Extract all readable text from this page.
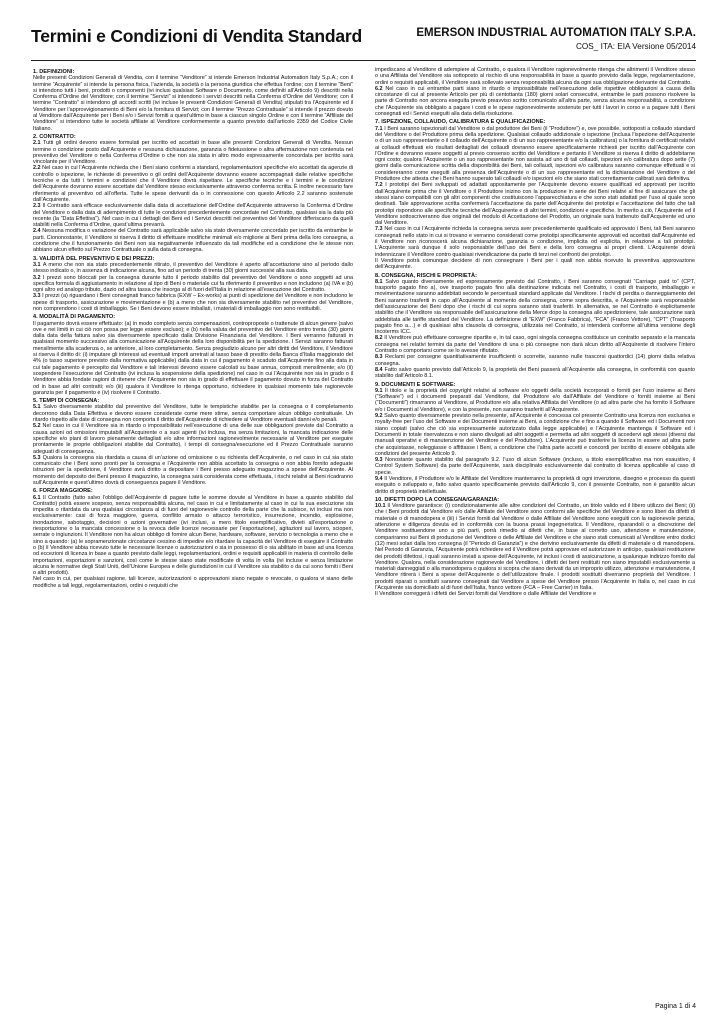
Termini e Condizioni di Vendita Standard	EMERSON INDUSTRIAL AUTOMATION ITALY S.P.A.
COS_ ITA: EIA Versione 05/2014
1. DEFINIZIONI:

Nelle presenti Condizioni Generali di Vendita, con il termine “Venditore” si intende Emerson Industrial Automation Italy S.p.A.; con il termine “Acquirente” si intende la persona fisica, l’azienda, la società o la persona giuridica che effettua l’ordine; con il termine “Beni” si intendono tutti i beni, prodotti o componenti (ivi inclusi qualsiasi Software o Documento, come definiti all’Articolo 9) descritti nella Conferma d’Ordine del Venditore; con il termine “Servizi” si intendono i servizi descritti nella Conferma d’Ordine del Venditore; con il termine “Contratto” si intendono gli accordi scritti (ivi incluse le presenti Condizioni Generali di Vendita) stipulati tra l’Acquirente ed il Venditore per l’approvvigionamento di Beni e/o la fornitura di Servizi; con il termine “Prezzo Contrattuale” si intende il prezzo dovuto al Venditore dall’Acquirente per i Beni e/o i Servizi forniti a quest’ultimo in base a ciascun singolo Ordine e con il termine “Affiliate del Venditore” si intendono tutte le società affiliate al Venditore conformemente a quanto previsto dall’articolo 2359 del Codice Civile Italiano.

2. CONTRATTO:

2.1 Tutti gli ordini devono essere formulati per iscritto ed accettati in base alle presenti Condizioni Generali di Vendita. Nessun termine o condizione posto dall’Acquirente e nessuna dichiarazione, garanzia o fideiussione o altra affermazione non contenuta nel preventivo del Venditore o nella Conferma d’Ordine o che non sia stata in altro modo espressamente concordata per iscritto sarà vincolante per il Venditore.

2.2 Nel caso in cui l’Acquirente richieda che i Beni siano conformi a standard, regolamentazioni specifiche e/o accettati da agenzie di controllo o ispezione, le richieste di preventivo o gli ordini dell’Acquirente dovranno essere accompagnati dalle relative specifiche tecniche e da tutti i termini e condizioni che il Venditore dovrà rispettare. Le specifiche tecniche e i termini e le condizioni dell’Acquirente dovranno essere accettate dal Venditore stesso esclusivamente attraverso conferma scritta. È inoltre necessario fare riferimento al preventivo od all’offerta. Tutte le spese derivanti da o in connessione con questo Articolo 2.2 saranno sostenute dall’Acquirente.

2.3 Il Contratto sarà efficace esclusivamente dalla data di accettazione dell’Ordine dell’Acquirente attraverso la Conferma d’Ordine del Venditore o dalla data di adempimento di tutte le condizioni precedentemente concordate nel Contratto, qualsiasi sia la data più recente (la “Data Effettiva”). Nel caso in cui i dettagli dei Beni ed i Servizi descritti nel preventivo del Venditore differiscano da quelli stabiliti nella Conferma d’Ordine, quest’ultima prevarrà.

2.4 Nessuna modifica o variazione del Contratto sarà applicabile salvo sia stato diversamente concordato per iscritto da entrambe le parti. Ciononostante, il Venditore si riserva il diritto di effettuare modifiche minimali e/o migliorie ai Beni prima della loro consegna, a condizione che il funzionamento dei Beni non sia negativamente influenzato da tali modifiche ed a condizione che le stesse non abbiano alcun effetto sul Prezzo Contrattuale o sulla data di consegna.

3. VALIDITÀ DEL PREVENTIVO E DEI PREZZI:

3.1 A meno che non sia stato precedentemente ritirato, il preventivo del Venditore è aperto all’accettazione sino al periodo dallo stesso indicato o, in assenza di indicazione alcuna, fino ad un periodo di trenta (30) giorni successivi alla sua data.

3.2 I prezzi sono bloccati per la consegna durante tutto il periodo stabilito dal preventivo del Venditore o sono soggetti ad una specifica formula di aggiustamento in relazione al tipo di Beni o materiale cui fa riferimento il preventivo e non includono (a) IVA e (b) ogni altro ed analogo tributo, dazio od altra tassa che insorga al di fuori dell’Italia in relazione all’esecuzione del Contratto.

3.3 I prezzi (a) riguardano i Beni consegnati franco fabbrica (EXW – Ex-works) ai punti di spedizione del Venditore e non includono le spese di trasporto, assicurazione e movimentazione e (b) a meno che non sia diversamente stabilito nel preventivo del Venditore, non comprendono i costi di imballaggio. Se i Beni devono essere imballati, i materiali di imballaggio non sono restituibili.

4. MODALITÀ DI PAGAMENTO:

Il pagamento dovrà essere effettuato: (a) in modo completo senza compensazioni, controproposte o trattenute di alcun genere (salvo ove e nei limiti in cui ciò non possa per legge essere escluso); e (b) nella valuta del preventivo del Venditore entro trenta (30) giorni dalla data della fattura salvo sia diversamente specificato dalla Divisione Finanziaria del Venditore. I Beni verranno fatturati in qualsiasi momento successivo alla comunicazione all’Acquirente della loro disponibilità per la spedizione. I Servizi saranno fatturati mensilmente alla scadenza o, se anteriore, al loro completamento. Senza pregiudizio alcuno per altri diritti del Venditore, il Venditore si riserva il diritto di: (i) imputare gli interessi ad eventuali importi arretrati al tasso base di prestito della Banca d’Italia maggiorato del 4% (o tasso superiore previsto dalla normativa applicabile) dalla data in cui il pagamento è scaduto dall’Acquirente fino alla data in cui tale pagamento è percepito dal Venditore e tali interessi devono essere calcolati su base annua, composti mensilmente; e/o (ii) sospendere l’esecuzione del Contratto (ivi inclusa la sospensione della spedizione) nel caso in cui l’Acquirente non sia in grado o il Venditore abbia fondate ragioni di ritenere che l’Acquirente non sia in grado di effettuare il pagamento dovuto in forza del Contratto od in base ad altri contratti; e/o (iii) qualora il Venditore lo ritenga opportuno, richiedere in qualsiasi momento tale ragionevole garanzia per il pagamento e (iv) risolvere il Contratto.

5. TEMPI DI CONSEGNA:

5.1 Salvo diversamente stabilito dal preventivo del Venditore, tutte le tempistiche stabilite per la consegna o il completamento decorrono dalla Data Effettiva e devono essere considerate come mere stime, senza comportare alcun obbligo contrattuale. Un ritardo rispetto alle date di consegna non comporta il diritto dell’Acquirente di richiedere al Venditore eventuali danni e/o penali.

5.2 Nel caso in cui il Venditore sia in ritardo o impossibilitato nell’esecuzione di una delle sue obbligazioni previste dal Contratto a causa azioni od omissioni imputabili all’Acquirente o a suoi agenti (ivi inclusa, ma senza limitazioni, la mancata indicazione delle specifiche e/o piani di lavoro pienamente dettagliati e/o altre informazioni ragionevolmente necessarie al Venditore per eseguire prontamente le proprie obbligazioni stabilite dal Contratto), i tempi di consegna/esecuzione ed il Prezzo Contrattuale saranno adeguati di conseguenza.

5.3 Qualora la consegna sia ritardata a causa di un’azione od omissione o su richiesta dell’Acquirente, o nel caso in cui sia stato comunicato che i Beni sono pronti per la consegna e l’Acquirente non abbia accettato la consegna o non abbia fornito adeguate istruzioni per la spedizione, il Venditore avrà diritto a depositare i Beni presso adeguato magazzino a spese dell’Acquirente. Al momento del deposito dei Beni presso il magazzino, la consegna sarà considerata come effettuata, i rischi relativi ai Beni ricadranno sull’Acquirente e quest’ultimo dovrà di conseguenza pagare il Venditore.

6. FORZA MAGGIORE:

6.1 Il Contratto (fatto salvo l’obbligo dell’Acquirente di pagare tutte le somme dovute al Venditore in base a quanto stabilito dal Contratto) potrà essere sospeso, senza responsabilità alcuna, nel caso in cui e limitatamente al caso in cui la sua esecuzione sia impedita o ritardata da una qualsiasi circostanza al di fuori del ragionevole controllo della parte che la subisce, ivi inclusi ma non esclusivamente: casi di forza maggiore, guerra, conflitto armato o attacco terroristico, insurrezione, incendio, esplosione, inondazione, sabotaggio, decisioni o azioni governative (ivi inclusi, a mero titolo esemplificativo, divieti all’esportazione o riesportazione o la mancata concessione o la revoca delle licenze necessarie per l’esportazione), agitazioni sul lavoro, scioperi, serrate o ingiunzioni. Il Venditore non ha alcun obbligo di fornire alcun Bene, hardware, software, servizio o tecnologia a meno che e sino a quando: (a) le sopramenzionate circostanze cessino di impedire e/o ritardare la capacità del Venditore di eseguire il Contratto o (b) il Venditore abbia ricevuto tutte le necessarie licenze o autorizzazioni o sia in possesso di o sia abilitato in base ad una licenza od eccezioni di licenza in base a quanto previsto dalle leggi, regolamentazioni, ordini e requisiti applicabili in materia di controllo delle importazioni, esportazioni e sanzioni, così come le stesse siano state modificate di volta in volta (ivi incluse e senza limitazione alcuna le normative degli Stati Uniti, dell’Unione Europea e delle giurisdizioni in cui il Venditore sia stabilito o da cui sono forniti i Beni o altri prodotti).

Nel caso in cui, per qualsiasi ragione, tali licenze, autorizzazioni o approvazioni siano negate o revocate, o qualora vi siano delle modifiche a tali leggi, regolamentazioni, ordini o requisiti che

impediscano al Venditore di adempiere al Contratto, o qualora il Venditore ragionevolmente ritenga che altrimenti il Venditore stesso o una Affiliata del Venditore sia sottoposto al rischio di una responsabilità in base a quanto previsto dalla legge, regolamentazione, ordini o requisiti applicabili, il Venditore sarà sollevato senza responsabilità alcuna da ogni sua obbligazione derivante dal Contratto.

6.2 Nel caso in cui entrambe parti siano in ritardo o impossibilitate nell’esecuzione delle rispettive obbligazioni a causa della circostanze di cui al presente Articolo per più di centottanta (180) giorni solari consecutivi, entrambe le parti possono risolvere la parte di Contratto non ancora eseguita previo preavviso scritto comunicato all’altra parte, senza alcuna responsabilità, a condizione che l’Acquirente sia obbligato a pagare i costi e le spese ragionevolmente sostenute per tutti i lavori in corso e a pagare tutti i Beni consegnati ed i Servizi eseguiti alla data della risoluzione.

7. ISPEZIONE, COLLAUDO, CALIBRATURA E QUALIFICAZIONE:

7.1 I Beni saranno ispezionati dal Venditore o dal produttore dei Beni (il “Produttore”) e, ove possibile, sottoposti a collaudo standard del Venditore o del Produttore prima della spedizione. Qualsiasi collaudo addizionale o ispezione (inclusa l’ispezione dell’Acquirente o di un suo rappresentante o il collaudo dell’Acquirente o di un suo rappresentante e/o la calibratura) o la fornitura di certificati relativi ai collaudi effettuati e/o risultati dettagliati dei collaudi dovranno essere specificatamente richiesti per iscritto dall’Acquirente con l’Ordine e dovranno essere soggetti al previo consenso scritto del Venditore e pertanto il Venditore si riserva il diritto di addebitarne ogni costo; qualora l’Acquirente o un suo rappresentante non assista ad uno di tali collaudi, ispezioni e/o calibratura dopo sette (7) giorni dalla comunicazione scritta della disponibilità dei Beni, tali collaudi, ispezioni e/o calibratura saranno comunque effettuati e si considereranno come eseguiti alla presenza dell’Acquirente o di un suo rappresentante ed la dichiarazione del Venditore o del Produttore che attesta che i Beni hanno superato tali collaudi e/o ispezioni e/o che siano stati correttamente calibrati sarà definitiva.

7.2 I prototipi dei Beni sviluppati od adattati appositamente per l’Acquirente devono essere qualificati ed approvati per iscritto dall’Acquirente prima che il Venditore o il Produttore inizino con la produzione in serie dei Beni relativi al fine di assicurare che gli stessi siano compatibili con gli altri componenti che costituiscono l’apparecchiatura e che sono stati adattati per l’uso al quale sono destinati. Tale approvazione scritta confermerà l’accettazione da parte dell’Acquirente dei prototipi e l’accettazione del fatto che tali prototipi rispondono alle specifiche tecniche dell’Acquirente e di altri termini, condizioni e specifiche. In merito a ciò, l’Acquirente ed il Venditore sottoscriveranno due originali del modulo di Accettazione del Prodotto, un originale sarà trattenuto dall’Acquirente ed uno dal Venditore.

7.3 Nel caso in cui l’Acquirente richieda la consegna senza aver precedentemente qualificato ed approvato i Beni, tali Beni saranno consegnati nello stato in cui si trovano e verranno considerati come prototipi specificamente approvati ed accettati dall’Acquirente ed il Venditore non riconoscerà alcuna dichiarazione, garanzia o condizione, implicita od esplicita, in relazione a tali prototipi. L’Acquirente sarà dunque il solo responsabile dell’uso dei Beni e della loro consegna ai propri clienti. L’Acquirente dovrà indennizzare il Venditore contro qualsiasi rivendicazione da parte di terzi nei confronti dei prototipi.

Il Venditore potrà comunque decidere di non consegnare i Beni per i quali non abbia ricevuto la preventiva approvazione dell’Acquirente.

8. CONSEGNA, RISCHI E PROPRIETÀ:

8.1 Salvo quanto diversamente ed espressamente previsto dal Contratto, i Beni saranno consegnati “Carriage paid to” (CPT, trasporto pagato fino a), ove trasporto pagato fino alla destinazione indicata nel Contratto, i costi di trasporto, imballaggio e movimentazione saranno addebitati secondo le percentuali standard applicate dal Venditore. I rischi di perdita o danneggiamento dei Beni saranno trasferiti in capo all’Acquirente al momento della consegna, come sopra descritta, e l’Acquirente sarà responsabile dell’assicurazione dei Beni dopo che i rischi di cui sopra saranno stati trasferiti. In alternativa, se nel Contratto è esplicitamente stabilito che il Venditore sia responsabile dell’assicurazione della Merce dopo la consegna allo spedizioniere, tale assicurazione sarà addebitata alle tariffe standard del Venditore. La definizione di “EXW” (Franco Fabbrica), “FCA” (Franco Vettore), “CPT” (Trasporto pagato fino a…) e di qualsiasi altra clausola di consegna, utilizzata nel Contratto, si intenderà conforme all’ultima versione degli Incoterms ICC.

8.2 Il Venditore può effettuare consegne ripartite e, in tal caso, ogni singola consegna costituisce un contratto separato e la mancata consegna nei relativi termini da parte del Venditore di una o più consegne non darà alcun diritto all’Acquirente di risolvere l’intero Contratto o comportarsi come se lo avesse rifiutato.

8.3 Reclami per consegne quantitativamente insufficienti o scorrette, saranno nulle trascorsi quattordici (14) giorni dalla relativa consegna.

8.4 Fatto salvo quanto previsto dall’Articolo 9, la proprietà dei Beni passerà all’Acquirente alla consegna, in conformità con quanto stabilito dall’Articolo 8.1.

9. DOCUMENTI E SOFTWARE:

9.1 Il titolo e la proprietà del copyright relativi al software e/o oggetti della società incorporati o forniti per l’uso insieme ai Beni (“Software”) ed i documenti preparati dal Venditore, dal Produttore e/o dall’Affiliate del Venditore o forniti insieme ai Beni (“Documenti”) rimarranno al Venditore, al Produttore e/o alla relativa Affiliata del Venditore (o ad altra parte che ha fornito il Software e/o i Documenti al Venditore), e con la presente, non saranno trasferiti all’Acquirente.

9.2 Salvo quanto diversamente previsto nella presente, all’Acquirente è concessa col presente Contratto una licenza non esclusiva e royalty-free per l’uso del Software e dei Documenti insieme ai Beni, a condizione che e fino a quando il Software ed i Documenti non siano copiati (salvo che ciò sia espressamente autorizzato dalla legge applicabile) e l’Acquirente mantenga il Software ed i Documenti in totale riservatezza e non siano divulgati ad altri soggetti e permetta ad altri soggetti di accedervi agli stessi (diversi dai manuali operativi e di manutenzione del Venditore e del Produttore). L’Acquirente può trasferire la licenza in essere ad altra parte che acquistasse, noleggiasse o affittasse i Beni, a condizione che l’altra parte accetti e concordi per iscritto di essere obbligata alle condizioni del presente Articolo 9.

9.3 Nonostante quanto stabilito dal paragrafo 9.2. l’uso di alcun Software (incluso, a titolo esemplificativo ma non esaustivo, il Control System Software) da parte dell’Acquirente, sarà disciplinato esclusivamente dal contratto di licenza applicabile al caso di specie.

9.4 Il Venditore, il Produttore e/o le Affiliate del Venditore manterranno la proprietà di ogni invenzione, disegno e processo da questi eseguito o sviluppato e, fatto salvo quanto specificamente previsto dall’Articolo 9, con il presente Contratto, non è garantito alcun diritto di proprietà intellettuale.

10. DIFETTI DOPO LA CONSEGNA/GARANZIA:

10.1 Il Venditore garantisce: (i) condizionatamente alle altre condizioni del Contratto, un titolo valido ed il libero utilizzo dei Beni; (ii) che i Beni prodotti dal Venditore e/o dalle Affiliate del Venditore sono conformi alle specifiche del Venditore e sono liberi da difetti di materiale o di manodopera e (iii) i Servizi forniti dal Venditore o dalle Affiliate del Venditore sono eseguiti con la ragionevole perizia, attenzione e diligenza dovuta ed in conformità con la buona prassi ingegneristica. Il Venditore, riparandoli o a discrezione del Venditore sostituendone uno a più parti, porrà rimedio ai difetti che, in base al corretto uso, attenzione e manutenzione, compariranno sui Beni di produzione del Venditore o delle Affiliate del Venditore e che siano stati comunicati al Venditore entro dodici (12) mesi solari dalla loro consegna (il “Periodo di Garanzia”) e che derivino esclusivamente da difetti di materiale o di manodopera. Nel Periodo di Garanzia, l’Acquirente potrà richiedere ed il Venditore potrà approvare ed autorizzare in anticipo, qualsiasi restituzione dei prodotti difettosi, i quali saranno inviati a spese dell’Acquirente, ivi inclusi i costi di assicurazione, a qualunque indirizzo fornito dal Venditore. Qualora, nella considerazione ragionevole del Venditore, i difetti dei beni restituiti non siano imputabili esclusivamente a materiali danneggiati o alla manodopera o qualora si scopra che siano derivati da un improprio utilizzo, attenzione e manutenzione, il Venditore ritirerà i Beni a spese dell’Acquirente o dell’utilizzatore finale. I prodotti sostituiti diverranno proprietà del Venditore. I prodotti riparati o sostituiti saranno consegnati dal Venditore a spese del Venditore presso l’Acquirente in Italia o, nel caso in cui l’Acquirente sia domiciliato al di fuori dell’Italia, franco vettore (FCA – Free Carrier) in Italia.

Il Venditore correggerà i difetti dei Servizi forniti dal Venditore o dalle Affiliate del Venditore e

Pagina 1 di 4
